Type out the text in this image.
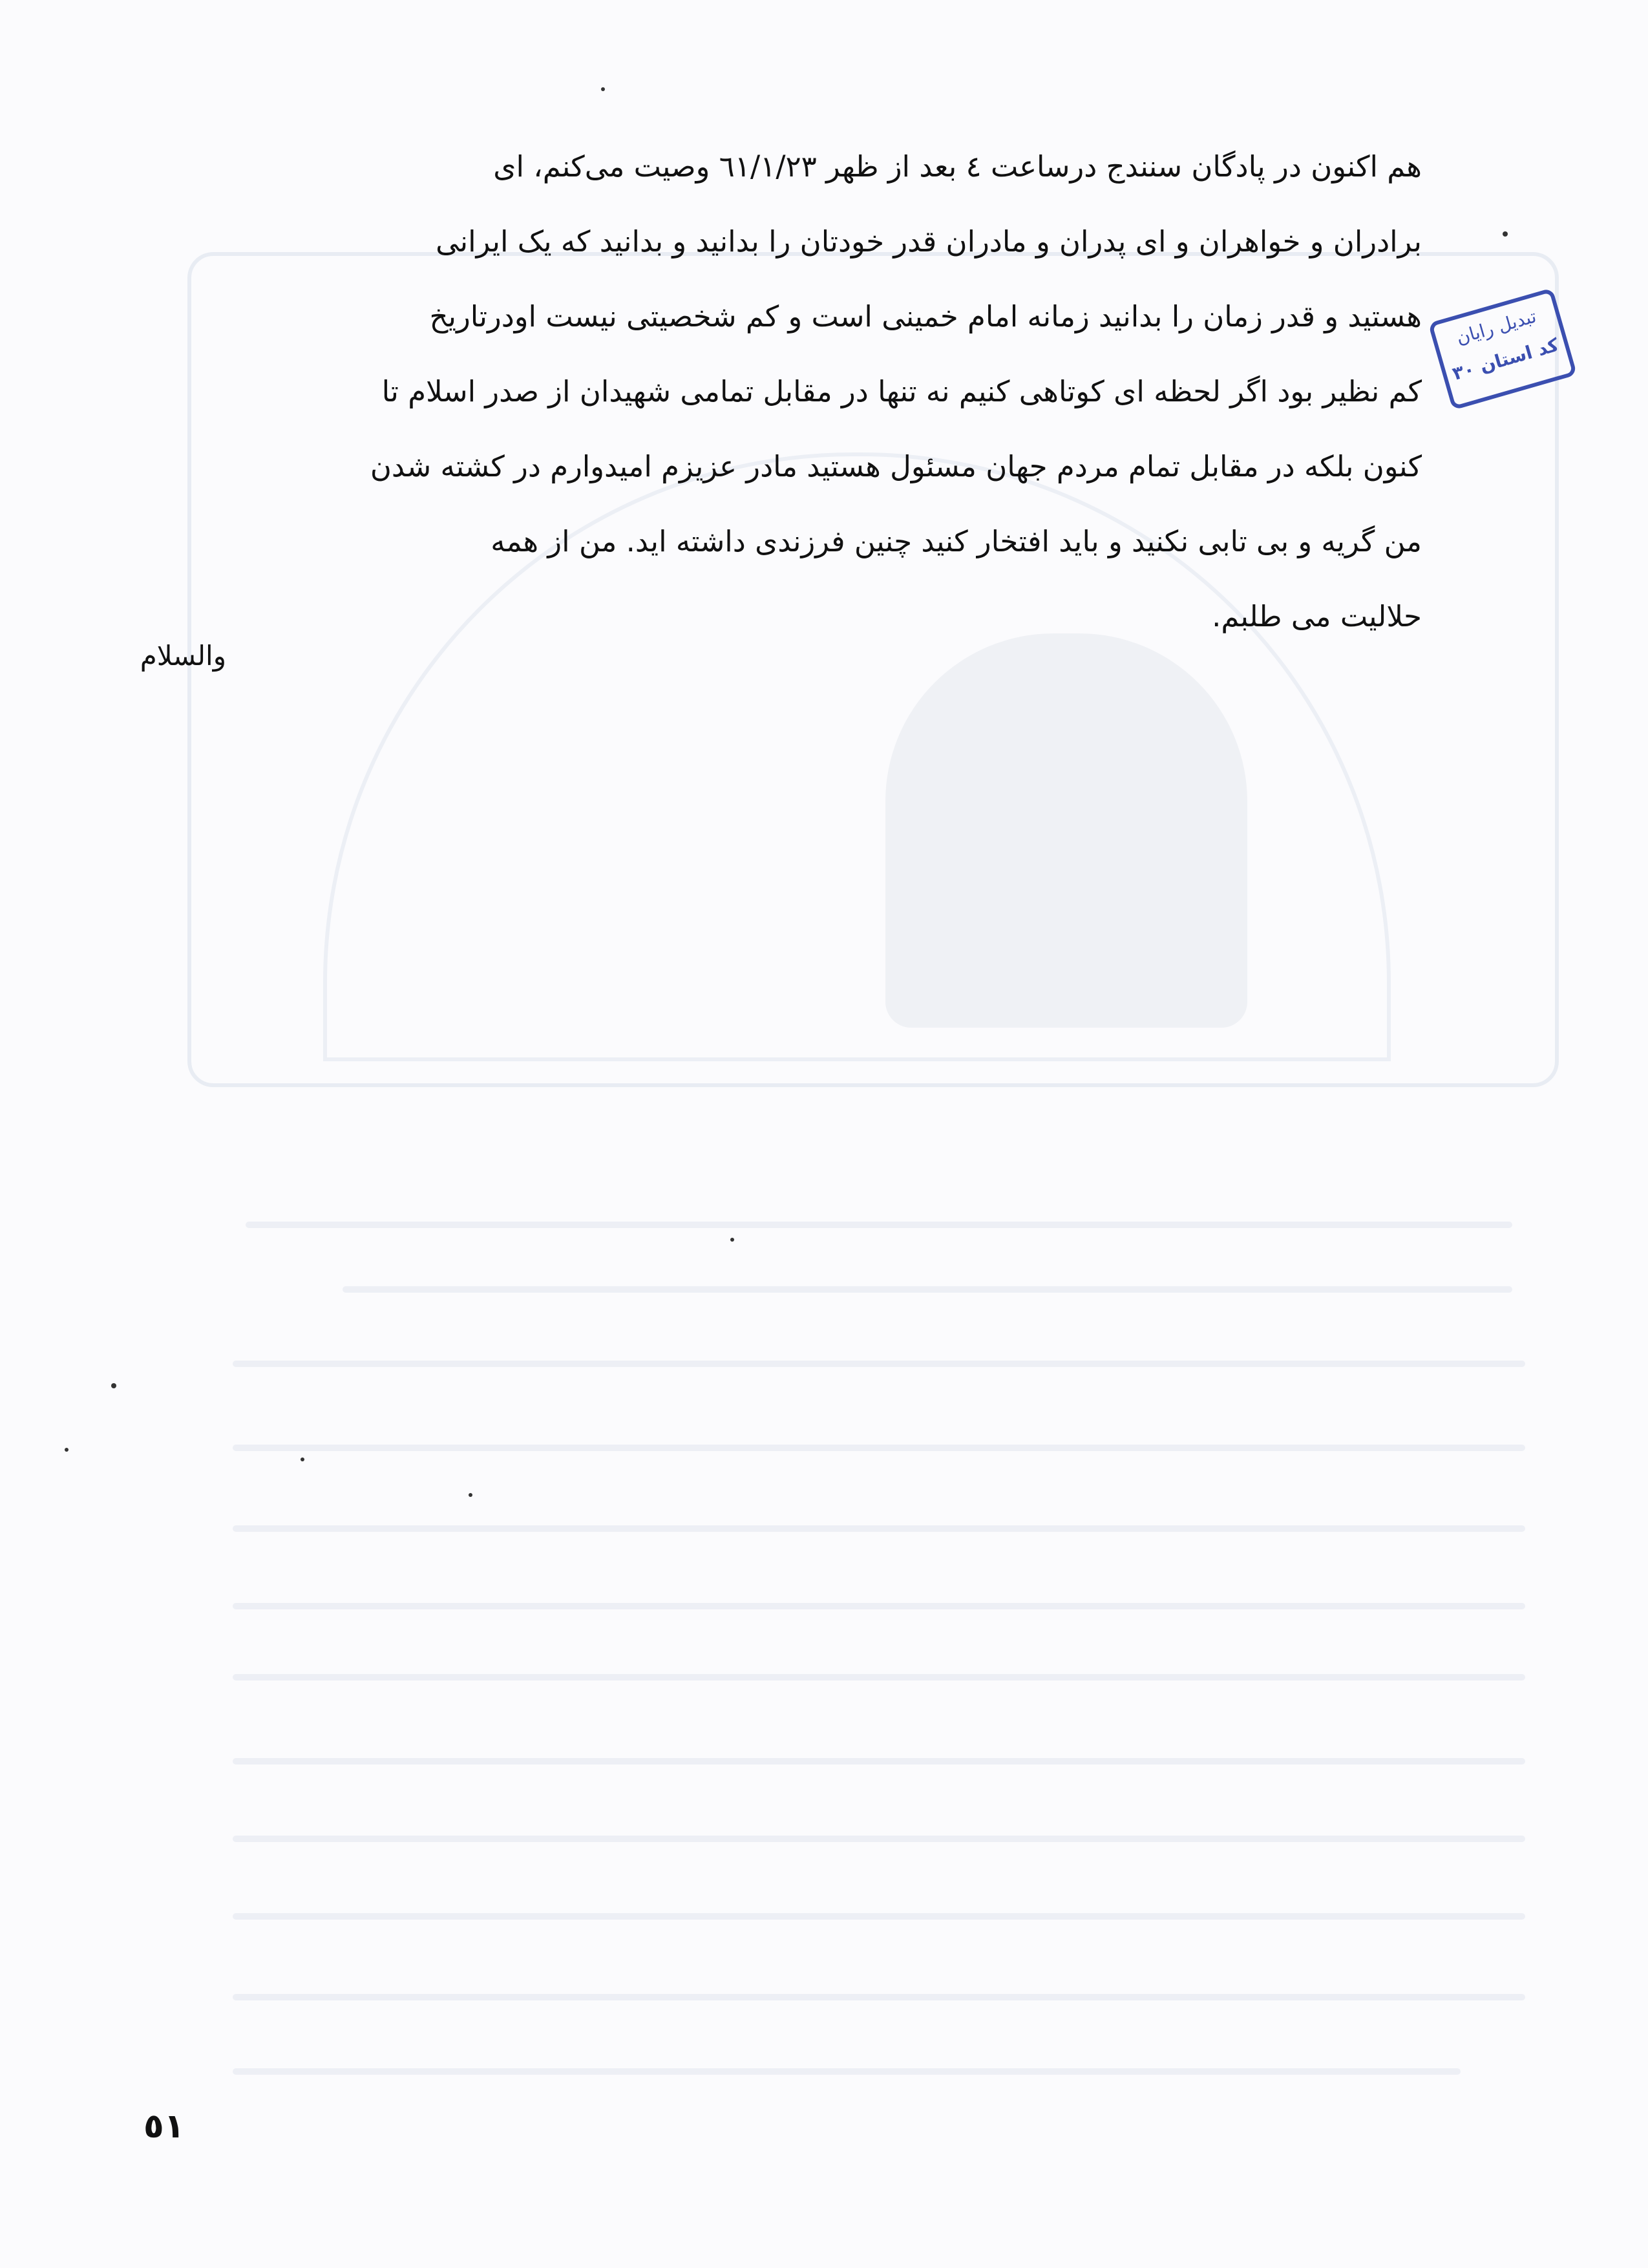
هم اکنون در پادگان سنندج درساعت ٤ بعد از ظهر ٦١/١/٢٣ وصیت می‌کنم، ای
برادران و خواهران و ای پدران و مادران قدر خودتان را بدانید و بدانید که یک ایرانی
هستید و قدر زمان را بدانید زمانه امام خمینی است و کم شخصیتی نیست اودرتاریخ
کم نظیر بود اگر لحظه ای کوتاهی کنیم نه تنها در مقابل تمامی شهیدان از صدر اسلام تا
کنون بلکه در مقابل تمام مردم جهان مسئول هستید مادر عزیزم امیدوارم در کشته شدن
من گریه و بی تابی نکنید و باید افتخار کنید چنین فرزندی داشته اید. من از همه
حلالیت می طلبم.
والسلام
تبدیل رایان
کد استان ٣٠
٥١
